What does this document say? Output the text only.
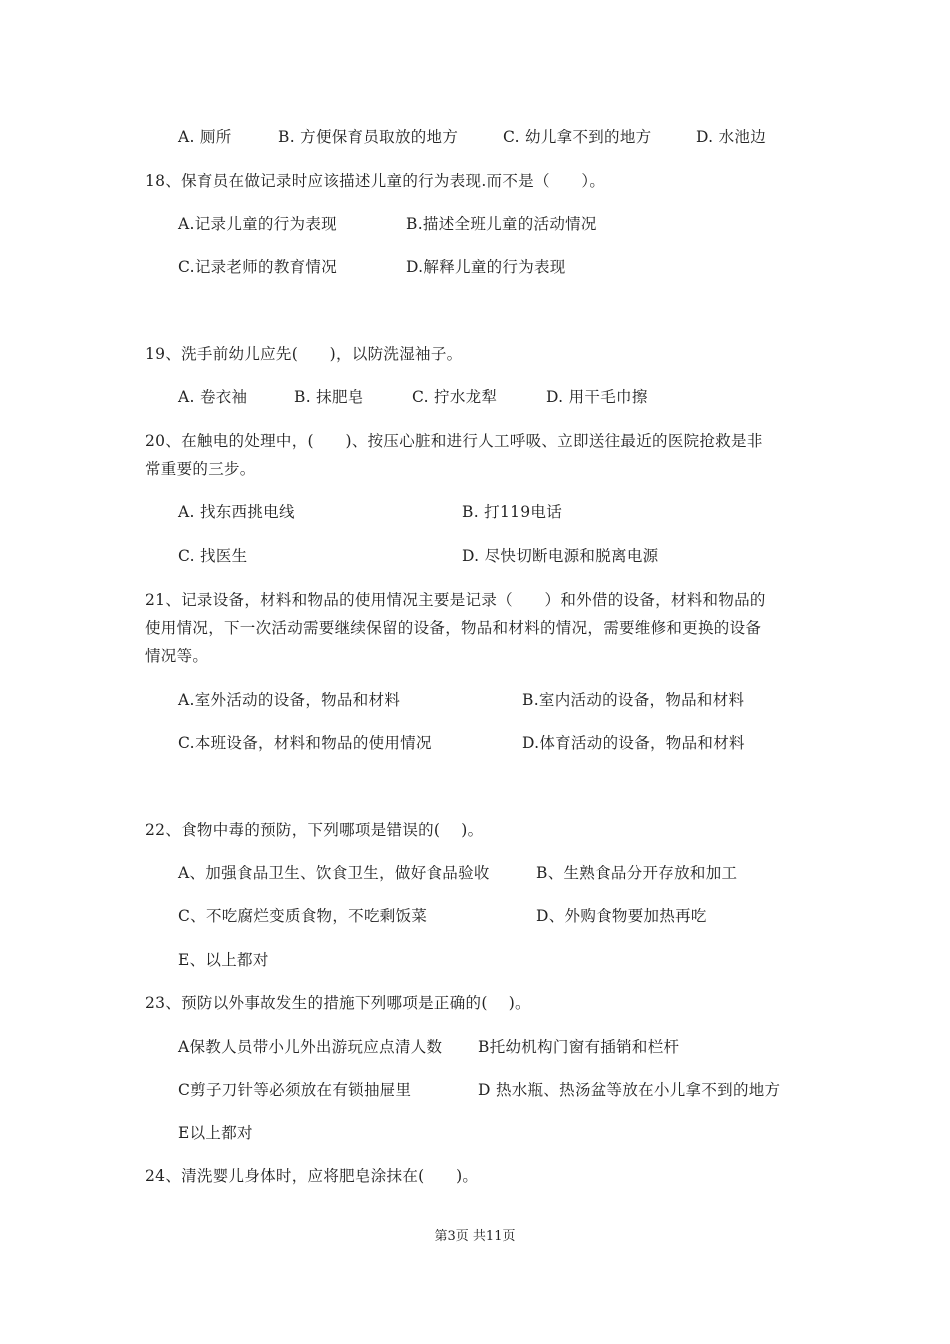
A. 厕所	B. 方便保育员取放的地方	C. 幼儿拿不到的地方	D. 水池边
18、保育员在做记录时应该描述儿童的行为表现.而不是（　　）。
A.记录儿童的行为表现	B.描述全班儿童的活动情况
C.记录老师的教育情况	D.解释儿童的行为表现
19、洗手前幼儿应先(　　)，以防洗湿袖子。
A. 卷衣袖	B. 抹肥皂	C. 拧水龙犁	D. 用干毛巾擦
20、在触电的处理中，(　　)、按压心脏和进行人工呼吸、立即送往最近的医院抢救是非
常重要的三步。
A. 找东西挑电线	B. 打119电话
C. 找医生	D. 尽快切断电源和脱离电源
21、记录设备，材料和物品的使用情况主要是记录（　　）和外借的设备，材料和物品的
使用情况，下一次活动需要继续保留的设备，物品和材料的情况，需要维修和更换的设备
情况等。
A.室外活动的设备，物品和材料	B.室内活动的设备，物品和材料
C.本班设备，材料和物品的使用情况	D.体育活动的设备，物品和材料
22、食物中毒的预防，下列哪项是错误的(　 )。
A、加强食品卫生、饮食卫生，做好食品验收	B、生熟食品分开存放和加工
C、不吃腐烂变质食物，不吃剩饭菜	D、外购食物要加热再吃
E、以上都对
23、预防以外事故发生的措施下列哪项是正确的(　 )。
A保教人员带小儿外出游玩应点清人数 B托幼机构门窗有插销和栏杆
C剪子刀针等必须放在有锁抽屉里	D 热水瓶、热汤盆等放在小儿拿不到的地方
E以上都对
24、清洗婴儿身体时，应将肥皂涂抹在(　　)。
第3页 共11页
